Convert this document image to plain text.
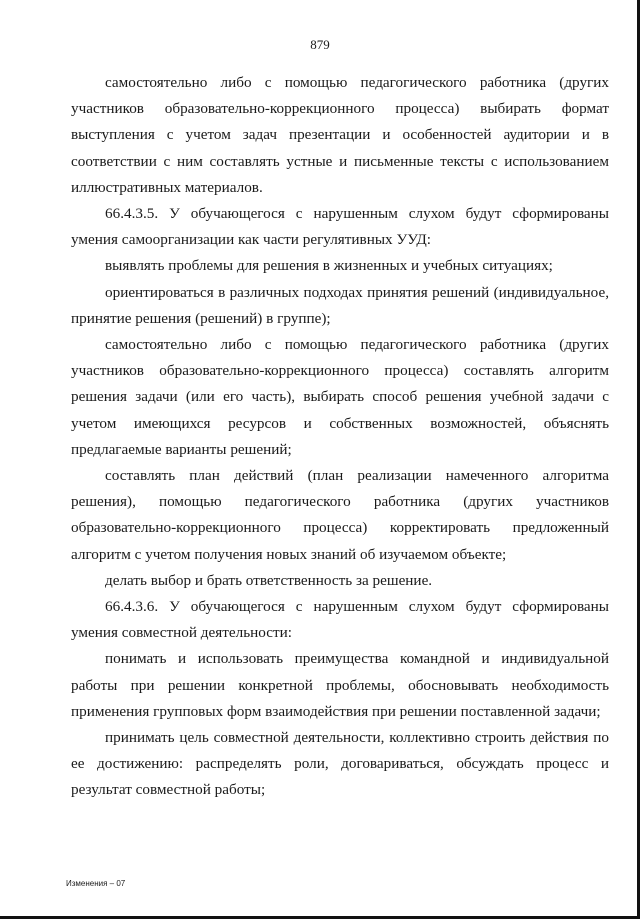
879

самостоятельно либо с помощью педагогического работника (других участников образовательно-коррекционного процесса) выбирать формат выступления с учетом задач презентации и особенностей аудитории и в соответствии с ним составлять устные и письменные тексты с использованием иллюстративных материалов.

66.4.3.5. У обучающегося с нарушенным слухом будут сформированы умения самоорганизации как части регулятивных УУД:

выявлять проблемы для решения в жизненных и учебных ситуациях;

ориентироваться в различных подходах принятия решений (индивидуальное, принятие решения (решений) в группе);

самостоятельно либо с помощью педагогического работника (других участников образовательно-коррекционного процесса) составлять алгоритм решения задачи (или его часть), выбирать способ решения учебной задачи с учетом имеющихся ресурсов и собственных возможностей, объяснять предлагаемые варианты решений;

составлять план действий (план реализации намеченного алгоритма решения), помощью педагогического работника (других участников образовательно-коррекционного процесса) корректировать предложенный алгоритм с учетом получения новых знаний об изучаемом объекте;

делать выбор и брать ответственность за решение.

66.4.3.6. У обучающегося с нарушенным слухом будут сформированы умения совместной деятельности:

понимать и использовать преимущества командной и индивидуальной работы при решении конкретной проблемы, обосновывать необходимость применения групповых форм взаимодействия при решении поставленной задачи;

принимать цель совместной деятельности, коллективно строить действия по ее достижению: распределять роли, договариваться, обсуждать процесс и результат совместной работы;

Изменения – 07
